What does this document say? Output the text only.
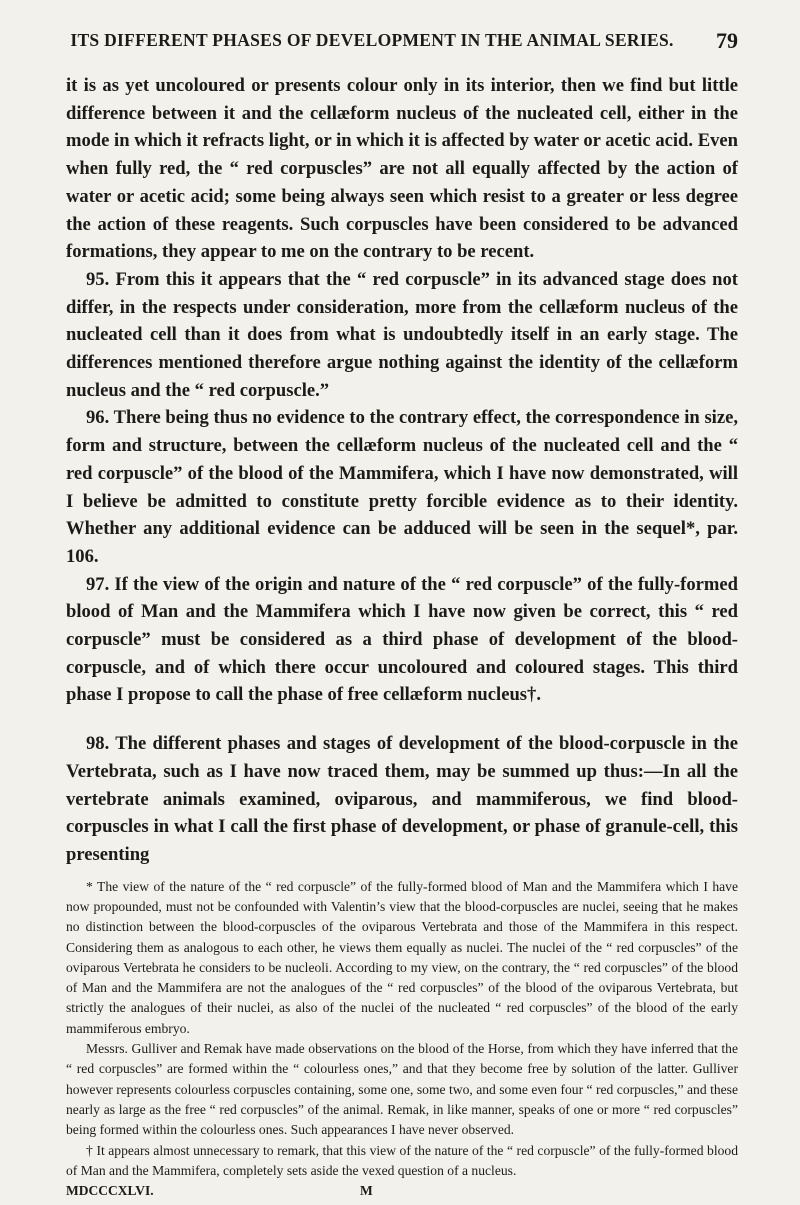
ITS DIFFERENT PHASES OF DEVELOPMENT IN THE ANIMAL SERIES. 79

it is as yet uncoloured or presents colour only in its interior, then we find but little difference between it and the cellæform nucleus of the nucleated cell, either in the mode in which it refracts light, or in which it is affected by water or acetic acid. Even when fully red, the “ red corpuscles” are not all equally affected by the action of water or acetic acid; some being always seen which resist to a greater or less degree the action of these reagents. Such corpuscles have been considered to be advanced formations, they appear to me on the contrary to be recent.

95. From this it appears that the “ red corpuscle” in its advanced stage does not differ, in the respects under consideration, more from the cellæform nucleus of the nucleated cell than it does from what is undoubtedly itself in an early stage. The differences mentioned therefore argue nothing against the identity of the cellæform nucleus and the “ red corpuscle.”

96. There being thus no evidence to the contrary effect, the correspondence in size, form and structure, between the cellæform nucleus of the nucleated cell and the “ red corpuscle” of the blood of the Mammifera, which I have now demonstrated, will I believe be admitted to constitute pretty forcible evidence as to their identity. Whether any additional evidence can be adduced will be seen in the sequel*, par. 106.

97. If the view of the origin and nature of the “ red corpuscle” of the fully-formed blood of Man and the Mammifera which I have now given be correct, this “ red corpuscle” must be considered as a third phase of development of the blood-corpuscle, and of which there occur uncoloured and coloured stages. This third phase I propose to call the phase of free cellæform nucleus†.

98. The different phases and stages of development of the blood-corpuscle in the Vertebrata, such as I have now traced them, may be summed up thus:—In all the vertebrate animals examined, oviparous, and mammiferous, we find blood-corpuscles in what I call the first phase of development, or phase of granule-cell, this presenting

* The view of the nature of the “ red corpuscle” of the fully-formed blood of Man and the Mammifera which I have now propounded, must not be confounded with Valentin’s view that the blood-corpuscles are nuclei, seeing that he makes no distinction between the blood-corpuscles of the oviparous Vertebrata and those of the Mammifera in this respect. Considering them as analogous to each other, he views them equally as nuclei. The nuclei of the “ red corpuscles” of the oviparous Vertebrata he considers to be nucleoli. According to my view, on the contrary, the “ red corpuscles” of the blood of Man and the Mammifera are not the analogues of the “ red corpuscles” of the blood of the oviparous Vertebrata, but strictly the analogues of their nuclei, as also of the nuclei of the nucleated “ red corpuscles” of the blood of the early mammiferous embryo.

Messrs. Gulliver and Remak have made observations on the blood of the Horse, from which they have inferred that the “ red corpuscles” are formed within the “ colourless ones,” and that they become free by solution of the latter. Gulliver however represents colourless corpuscles containing, some one, some two, and some even four “ red corpuscles,” and these nearly as large as the free “ red corpuscles” of the animal. Remak, in like manner, speaks of one or more “ red corpuscles” being formed within the colourless ones. Such appearances I have never observed.

† It appears almost unnecessary to remark, that this view of the nature of the “ red corpuscle” of the fully-formed blood of Man and the Mammifera, completely sets aside the vexed question of a nucleus.

MDCCCXLVI.	M
